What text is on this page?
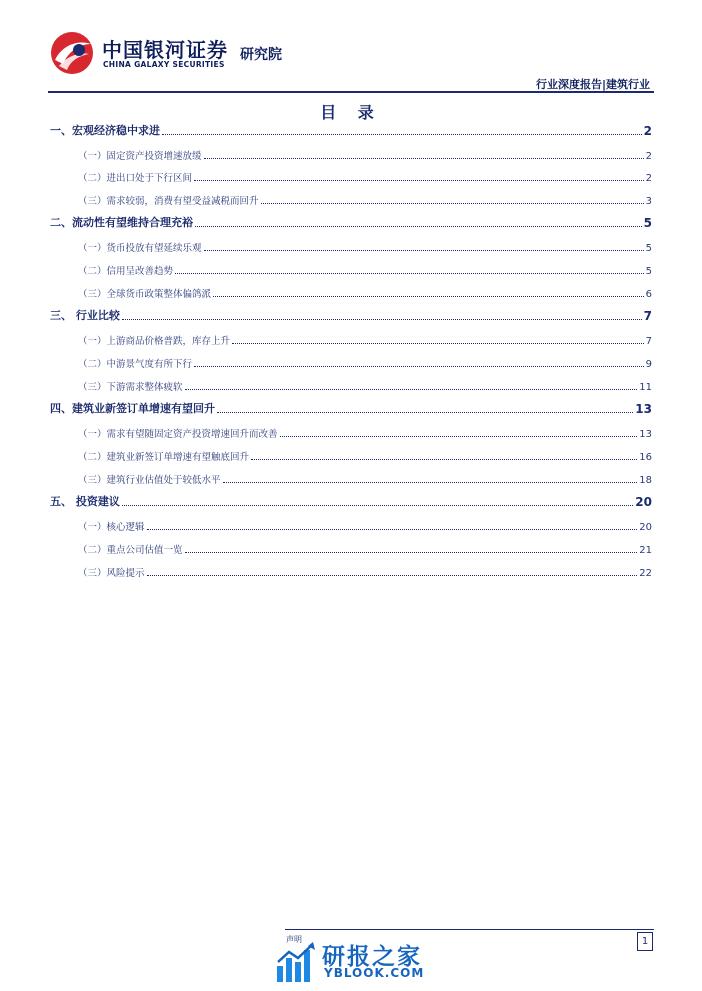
中国银河证券
CHINA GALAXY SECURITIES
研究院
行业深度报告|建筑行业
目 录
一、宏观经济稳中求进	2
（一）固定资产投资增速放缓	2
（二）进出口处于下行区间	2
（三）需求较弱，消费有望受益减税而回升	3
二、流动性有望维持合理充裕	5
（一）货币投放有望延续乐观	5
（二）信用呈改善趋势	5
（三）全球货币政策整体偏鸽派	6
三、 行业比较	7
（一）上游商品价格普跌，库存上升	7
（二）中游景气度有所下行	9
（三）下游需求整体疲软	11
四、建筑业新签订单增速有望回升	13
（一）需求有望随固定资产投资增速回升而改善	13
（二）建筑业新签订单增速有望触底回升	16
（三）建筑行业估值处于较低水平	18
五、 投资建议	20
（一）核心逻辑	20
（二）重点公司估值一览	21
（三）风险提示	22
声明	1
研报之家
YBLOOK.COM
